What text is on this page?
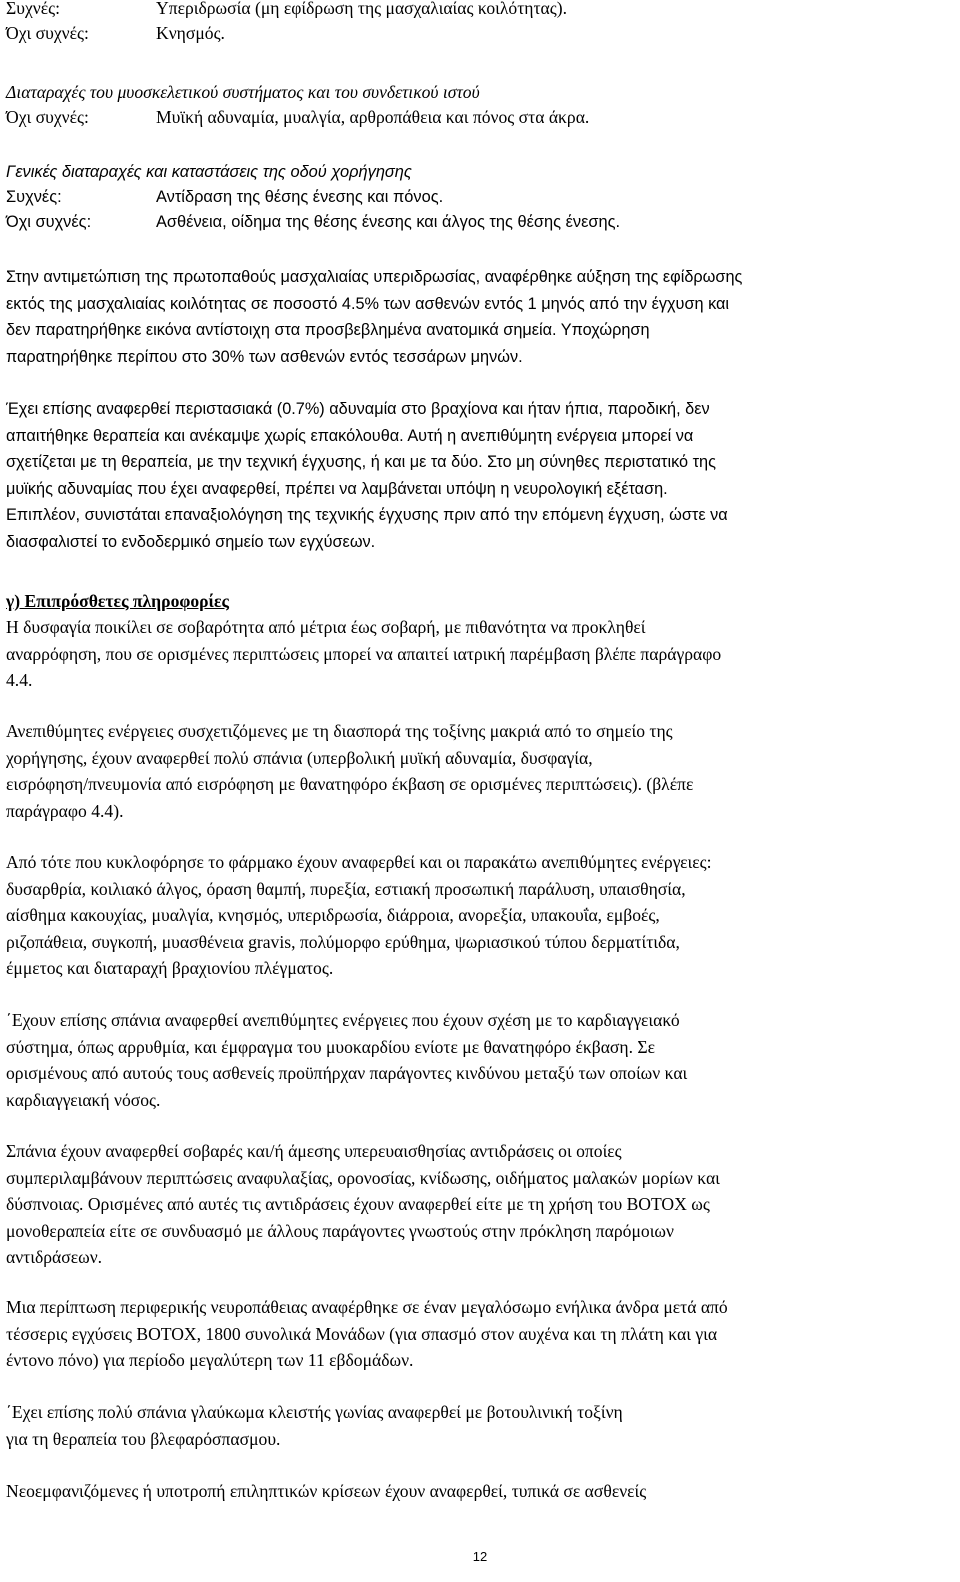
Συχνές:	Υπεριδρωσία (μη εφίδρωση της μασχαλιαίας κοιλότητας).
Όχι συχνές:	Κνησμός.
Διαταραχές του μυοσκελετικού συστήματος και του συνδετικού ιστού
Όχι συχνές:	Μυϊκή αδυναμία, μυαλγία, αρθροπάθεια και πόνος στα άκρα.
Γενικές διαταραχές και καταστάσεις της οδού χορήγησης
Συχνές:	Αντίδραση της θέσης ένεσης και πόνος.
Όχι συχνές:	Ασθένεια, οίδημα της θέσης ένεσης και άλγος της θέσης ένεσης.

Στην αντιμετώπιση της πρωτοπαθούς μασχαλιαίας υπεριδρωσίας, αναφέρθηκε αύξηση της εφίδρωσης
εκτός της μασχαλιαίας κοιλότητας σε ποσοστό 4.5% των ασθενών εντός 1 μηνός από την έγχυση και
δεν παρατηρήθηκε εικόνα αντίστοιχη στα προσβεβλημένα ανατομικά σημεία. Υποχώρηση
παρατηρήθηκε περίπου στο 30% των ασθενών εντός τεσσάρων μηνών.

Έχει επίσης αναφερθεί περιστασιακά (0.7%) αδυναμία στο βραχίονα και ήταν ήπια, παροδική, δεν
απαιτήθηκε θεραπεία και ανέκαμψε χωρίς επακόλουθα. Αυτή η ανεπιθύμητη ενέργεια μπορεί να
σχετίζεται με τη θεραπεία, με την τεχνική έγχυσης, ή και με τα δύο. Στο μη σύνηθες περιστατικό της
μυϊκής αδυναμίας που έχει αναφερθεί, πρέπει να λαμβάνεται υπόψη η νευρολογική εξέταση.
Επιπλέον, συνιστάται επαναξιολόγηση της τεχνικής έγχυσης πριν από την επόμενη έγχυση, ώστε να
διασφαλιστεί το ενδοδερμικό σημείο των εγχύσεων.

γ) Επιπρόσθετες πληροφορίες

Η δυσφαγία ποικίλει σε σοβαρότητα από μέτρια έως σοβαρή, με πιθανότητα να προκληθεί
αναρρόφηση, που σε ορισμένες περιπτώσεις μπορεί να απαιτεί ιατρική παρέμβαση βλέπε παράγραφο
4.4.

Ανεπιθύμητες ενέργειες συσχετιζόμενες με τη διασπορά της τοξίνης μακριά από το σημείο της
χορήγησης, έχουν αναφερθεί πολύ σπάνια (υπερβολική μυϊκή αδυναμία, δυσφαγία,
εισρόφηση/πνευμονία από εισρόφηση με θανατηφόρο έκβαση σε ορισμένες περιπτώσεις). (βλέπε
παράγραφο 4.4).

Από τότε που κυκλοφόρησε το φάρμακο έχουν αναφερθεί και οι παρακάτω ανεπιθύμητες ενέργειες:
δυσαρθρία, κοιλιακό άλγος, όραση θαμπή, πυρεξία, εστιακή προσωπική παράλυση, υπαισθησία,
αίσθημα κακουχίας, μυαλγία, κνησμός, υπεριδρωσία, διάρροια, ανορεξία, υπακουΐα, εμβοές,
ριζοπάθεια, συγκοπή, μυασθένεια gravis, πολύμορφο ερύθημα, ψωριασικού τύπου δερματίτιδα,
έμμετος και διαταραχή βραχιονίου πλέγματος.

΄Εχουν επίσης σπάνια αναφερθεί ανεπιθύμητες ενέργειες που έχουν σχέση με το καρδιαγγειακό
σύστημα, όπως αρρυθμία, και έμφραγμα του μυοκαρδίου ενίοτε με θανατηφόρο έκβαση. Σε
ορισμένους από αυτούς τους ασθενείς προϋπήρχαν παράγοντες κινδύνου μεταξύ των οποίων και
καρδιαγγειακή νόσος.

Σπάνια έχουν αναφερθεί σοβαρές και/ή άμεσης υπερευαισθησίας αντιδράσεις οι οποίες
συμπεριλαμβάνουν περιπτώσεις αναφυλαξίας, ορονοσίας, κνίδωσης, οιδήματος μαλακών μορίων και
δύσπνοιας. Ορισμένες από αυτές τις αντιδράσεις έχουν αναφερθεί είτε με τη χρήση του BOTOX ως
μονοθεραπεία είτε σε συνδυασμό με άλλους παράγοντες γνωστούς στην πρόκληση παρόμοιων
αντιδράσεων.

Μια περίπτωση περιφερικής νευροπάθειας αναφέρθηκε σε έναν μεγαλόσωμο ενήλικα άνδρα μετά από
τέσσερις εγχύσεις BOTOX, 1800 συνολικά Μονάδων (για σπασμό στον αυχένα και τη πλάτη και για
έντονο πόνο) για περίοδο μεγαλύτερη των 11 εβδομάδων.

΄Εχει επίσης πολύ σπάνια γλαύκωμα κλειστής γωνίας αναφερθεί με βοτουλινική τοξίνη
για τη θεραπεία του βλεφαρόσπασμου.

Νεοεμφανιζόμενες ή υποτροπή επιληπτικών κρίσεων έχουν αναφερθεί, τυπικά σε ασθενείς

12
